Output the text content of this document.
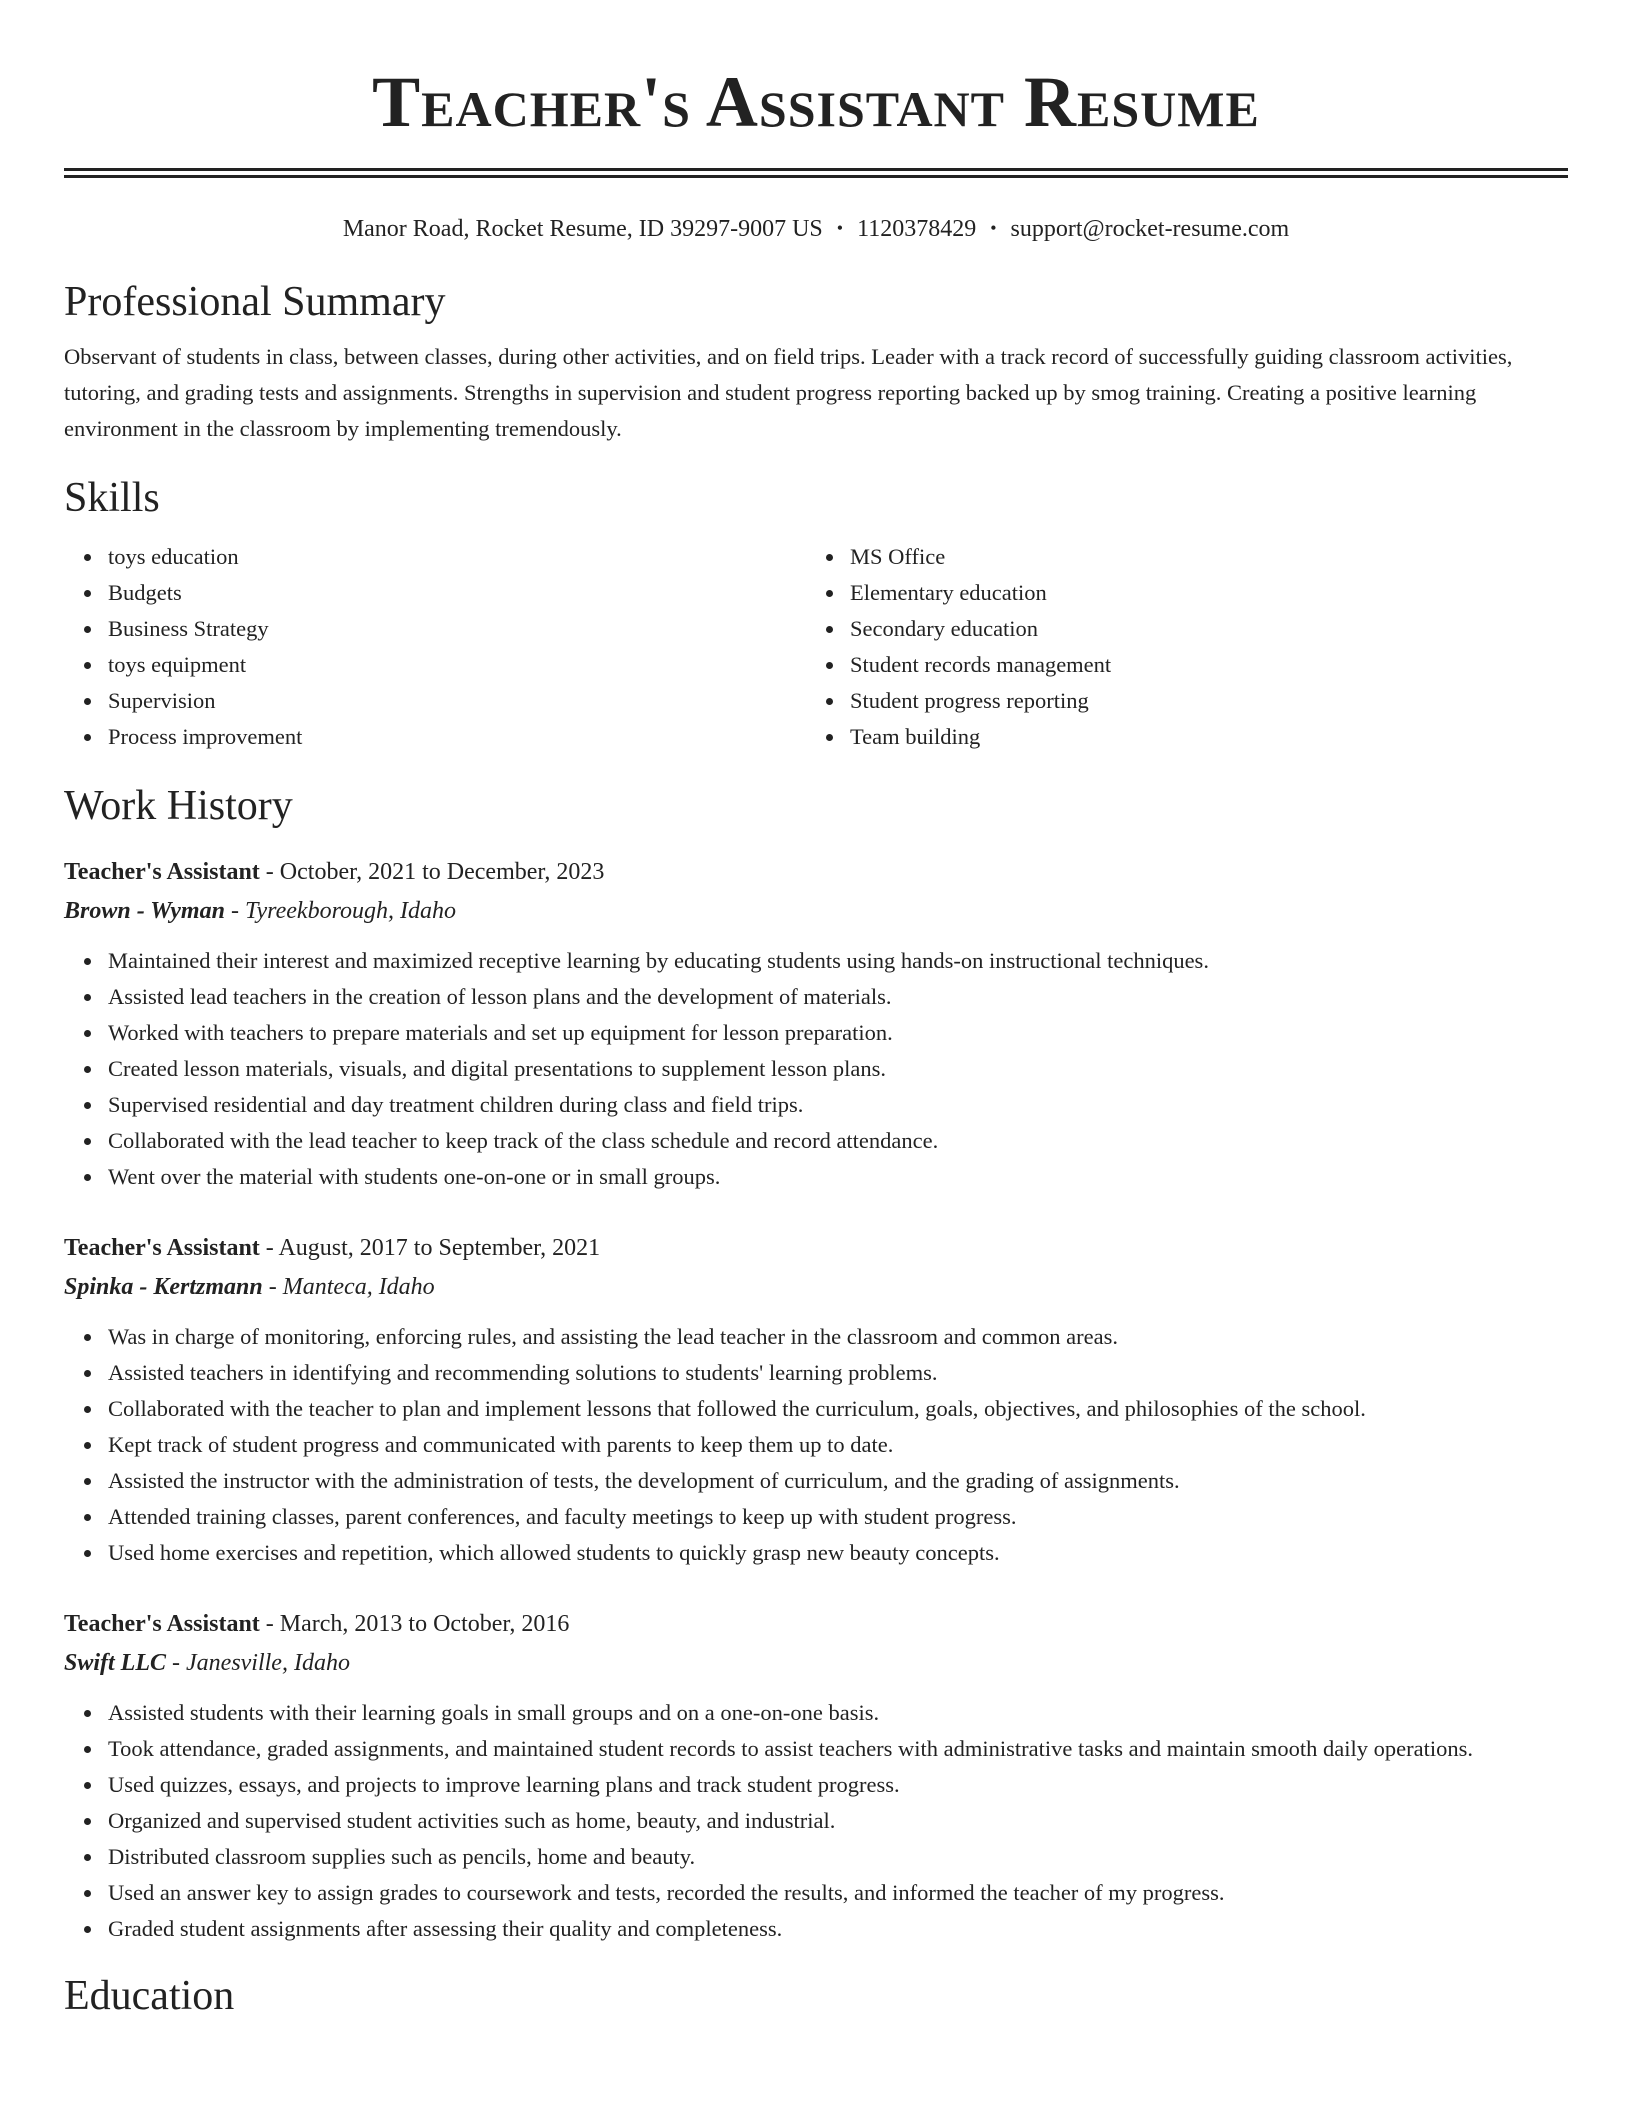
Teacher's Assistant Resume
Manor Road, Rocket Resume, ID 39297-9007 US • 1120378429 • support@rocket-resume.com
Professional Summary
Observant of students in class, between classes, during other activities, and on field trips. Leader with a track record of successfully guiding classroom activities, tutoring, and grading tests and assignments. Strengths in supervision and student progress reporting backed up by smog training. Creating a positive learning environment in the classroom by implementing tremendously.
Skills
toys education
Budgets
Business Strategy
toys equipment
Supervision
Process improvement
MS Office
Elementary education
Secondary education
Student records management
Student progress reporting
Team building
Work History
Teacher's Assistant - October, 2021 to December, 2023
Brown - Wyman - Tyreekborough, Idaho
Maintained their interest and maximized receptive learning by educating students using hands-on instructional techniques.
Assisted lead teachers in the creation of lesson plans and the development of materials.
Worked with teachers to prepare materials and set up equipment for lesson preparation.
Created lesson materials, visuals, and digital presentations to supplement lesson plans.
Supervised residential and day treatment children during class and field trips.
Collaborated with the lead teacher to keep track of the class schedule and record attendance.
Went over the material with students one-on-one or in small groups.
Teacher's Assistant - August, 2017 to September, 2021
Spinka - Kertzmann - Manteca, Idaho
Was in charge of monitoring, enforcing rules, and assisting the lead teacher in the classroom and common areas.
Assisted teachers in identifying and recommending solutions to students' learning problems.
Collaborated with the teacher to plan and implement lessons that followed the curriculum, goals, objectives, and philosophies of the school.
Kept track of student progress and communicated with parents to keep them up to date.
Assisted the instructor with the administration of tests, the development of curriculum, and the grading of assignments.
Attended training classes, parent conferences, and faculty meetings to keep up with student progress.
Used home exercises and repetition, which allowed students to quickly grasp new beauty concepts.
Teacher's Assistant - March, 2013 to October, 2016
Swift LLC - Janesville, Idaho
Assisted students with their learning goals in small groups and on a one-on-one basis.
Took attendance, graded assignments, and maintained student records to assist teachers with administrative tasks and maintain smooth daily operations.
Used quizzes, essays, and projects to improve learning plans and track student progress.
Organized and supervised student activities such as home, beauty, and industrial.
Distributed classroom supplies such as pencils, home and beauty.
Used an answer key to assign grades to coursework and tests, recorded the results, and informed the teacher of my progress.
Graded student assignments after assessing their quality and completeness.
Education
